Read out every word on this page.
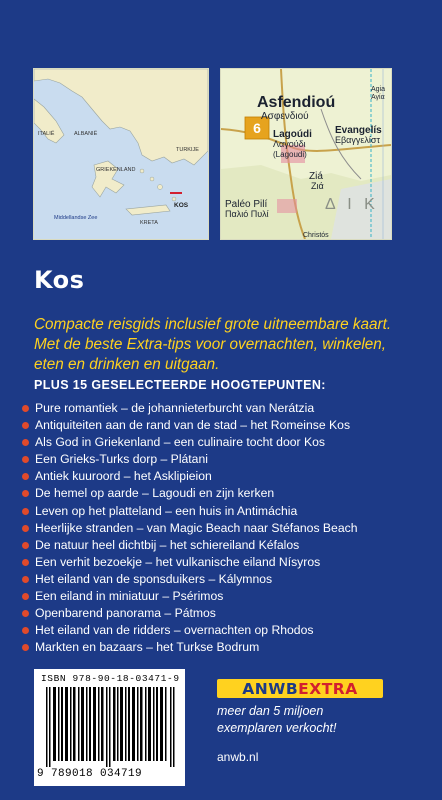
ITALIË	ALBANIË
GRIEKENLAND
TURKIJE
Middellandse Zee
KRETA
KOS
6
Asfendioú
Ασφενδιού
Agia
Αγία
Lagoúdi
Λαγούδι
(Lagoudi)
Evangelís
Εβαγγελίστ
Ziá
Ζιά
Paléo Pilí
Παλιό Πυλί
Christós
Δ Ι Κ
Kos
Compacte reisgids inclusief grote uitneembare kaart.
Met de beste Extra-tips voor overnachten, winkelen,
eten en drinken en uitgaan.
PLUS 15 GESELECTEERDE HOOGTEPUNTEN:
Pure romantiek – de johannieterburcht van Nerátzia
Antiquiteiten aan de rand van de stad – het Romeinse Kos
Als God in Griekenland – een culinaire tocht door Kos
Een Grieks-Turks dorp – Plátani
Antiek kuuroord – het Asklipieion
De hemel op aarde – Lagoudi en zijn kerken
Leven op het platteland – een huis in Antimáchia
Heerlijke stranden – van Magic Beach naar Stéfanos Beach
De natuur heel dichtbij – het schiereiland Kéfalos
Een verhit bezoekje – het vulkanische eiland Nísyros
Het eiland van de sponsduikers – Kálymnos
Een eiland in miniatuur – Psérimos
Openbarend panorama – Pátmos
Het eiland van de ridders – overnachten op Rhodos
Markten en bazaars – het Turkse Bodrum
ISBN 978-90-18-03471-9
9 789018 034719
ANWB EXTRA
meer dan 5 miljoen
exemplaren verkocht!
anwb.nl
